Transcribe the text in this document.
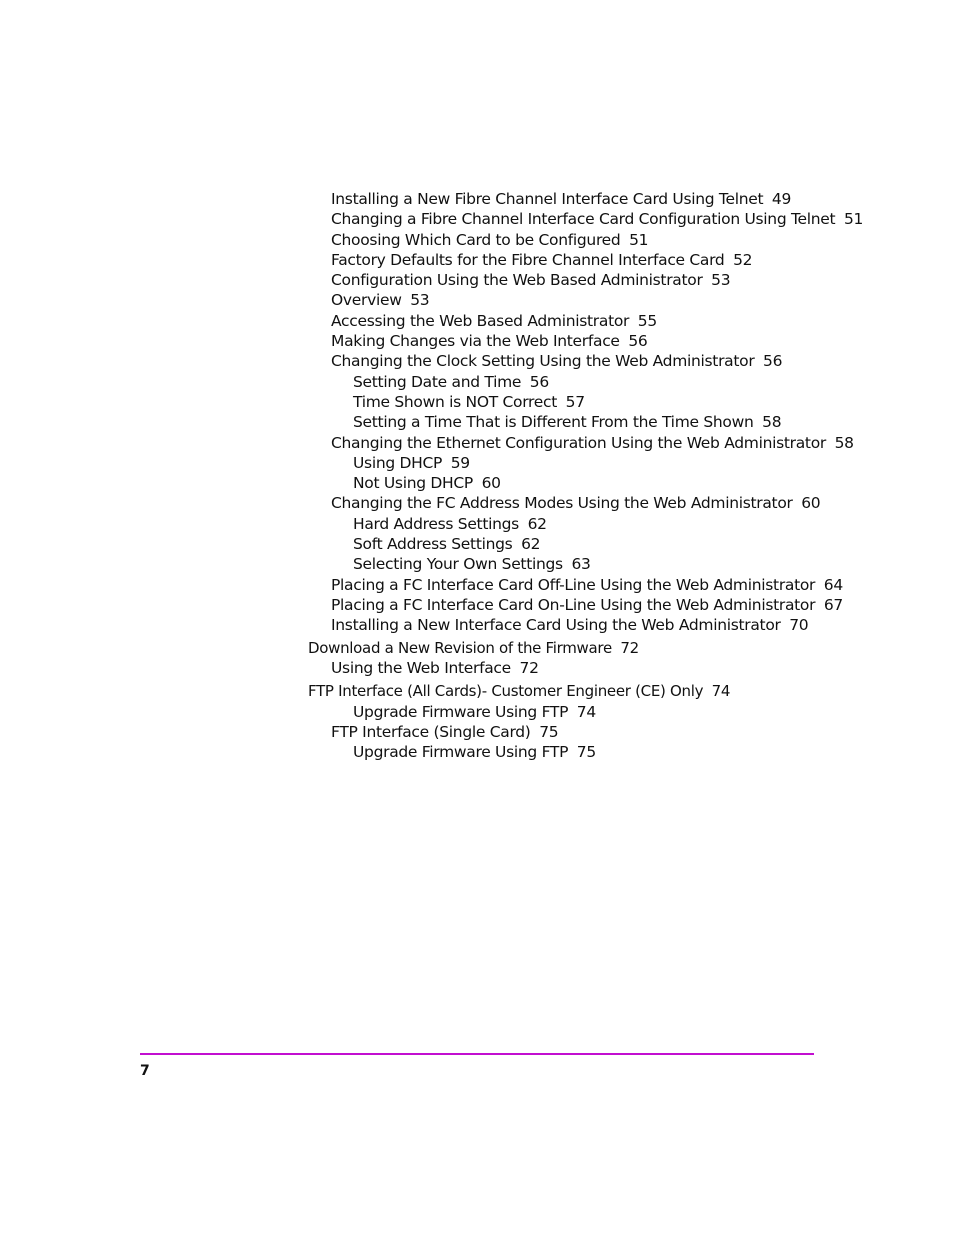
Installing a New Fibre Channel Interface Card Using Telnet 49
Changing a Fibre Channel Interface Card Configuration Using Telnet 51
Choosing Which Card to be Configured 51
Factory Defaults for the Fibre Channel Interface Card 52
Configuration Using the Web Based Administrator 53
Overview 53
Accessing the Web Based Administrator 55
Making Changes via the Web Interface 56
Changing the Clock Setting Using the Web Administrator 56
Setting Date and Time 56
Time Shown is NOT Correct 57
Setting a Time That is Different From the Time Shown 58
Changing the Ethernet Configuration Using the Web Administrator 58
Using DHCP 59
Not Using DHCP 60
Changing the FC Address Modes Using the Web Administrator 60
Hard Address Settings 62
Soft Address Settings 62
Selecting Your Own Settings 63
Placing a FC Interface Card Off-Line Using the Web Administrator 64
Placing a FC Interface Card On-Line Using the Web Administrator 67
Installing a New Interface Card Using the Web Administrator 70
Download a New Revision of the Firmware 72
Using the Web Interface 72
FTP Interface (All Cards)- Customer Engineer (CE) Only 74
Upgrade Firmware Using FTP 74
FTP Interface (Single Card) 75
Upgrade Firmware Using FTP 75
7
